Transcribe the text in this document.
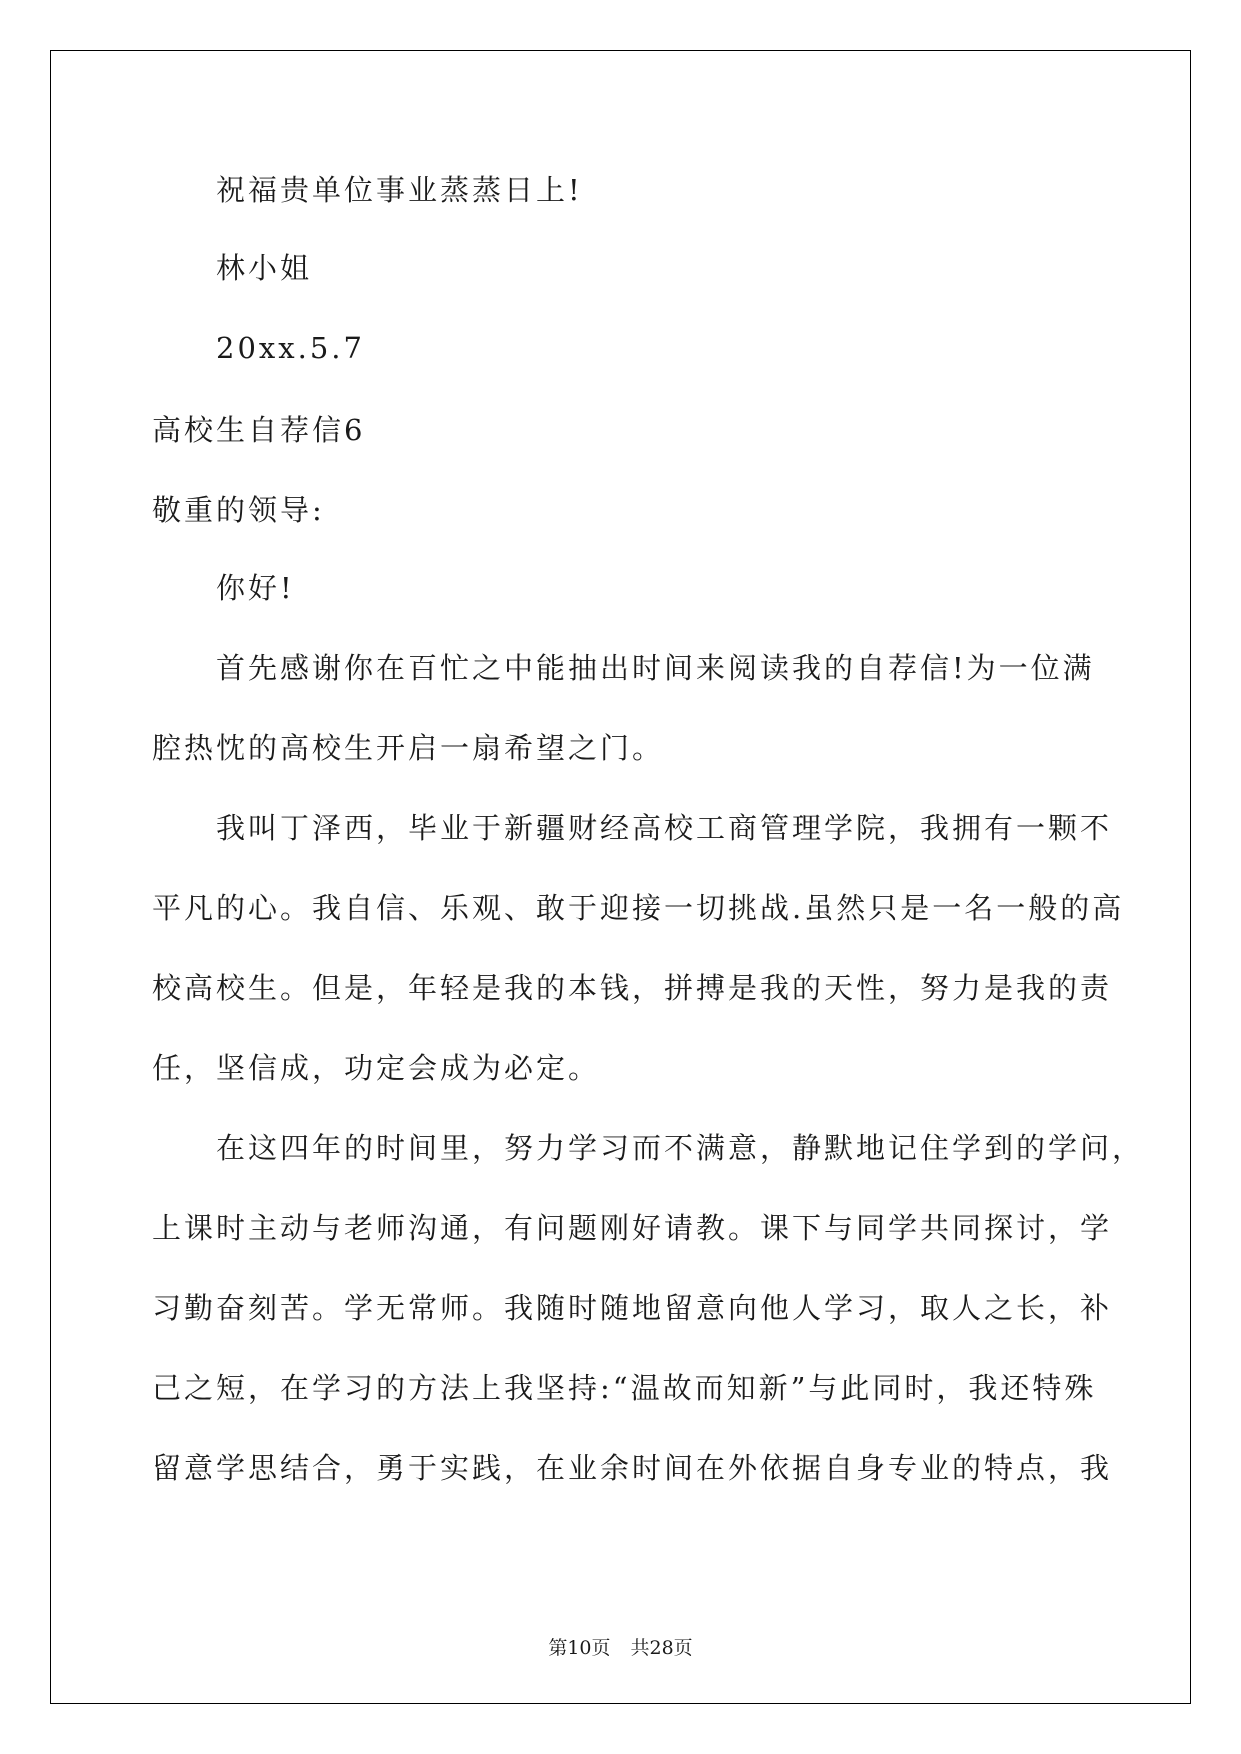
祝福贵单位事业蒸蒸日上!
林小姐
20xx.5.7
高校生自荐信6
敬重的领导:
你好!
首先感谢你在百忙之中能抽出时间来阅读我的自荐信!为一位满
腔热忱的高校生开启一扇希望之门。
我叫丁泽西，毕业于新疆财经高校工商管理学院，我拥有一颗不
平凡的心。我自信、乐观、敢于迎接一切挑战.虽然只是一名一般的高
校高校生。但是，年轻是我的本钱，拼搏是我的天性，努力是我的责
任，坚信成，功定会成为必定。
在这四年的时间里，努力学习而不满意，静默地记住学到的学问，
上课时主动与老师沟通，有问题刚好请教。课下与同学共同探讨，学
习勤奋刻苦。学无常师。我随时随地留意向他人学习，取人之长，补
己之短，在学习的方法上我坚持:“温故而知新”与此同时，我还特殊
留意学思结合，勇于实践，在业余时间在外依据自身专业的特点，我
第10页 共28页
